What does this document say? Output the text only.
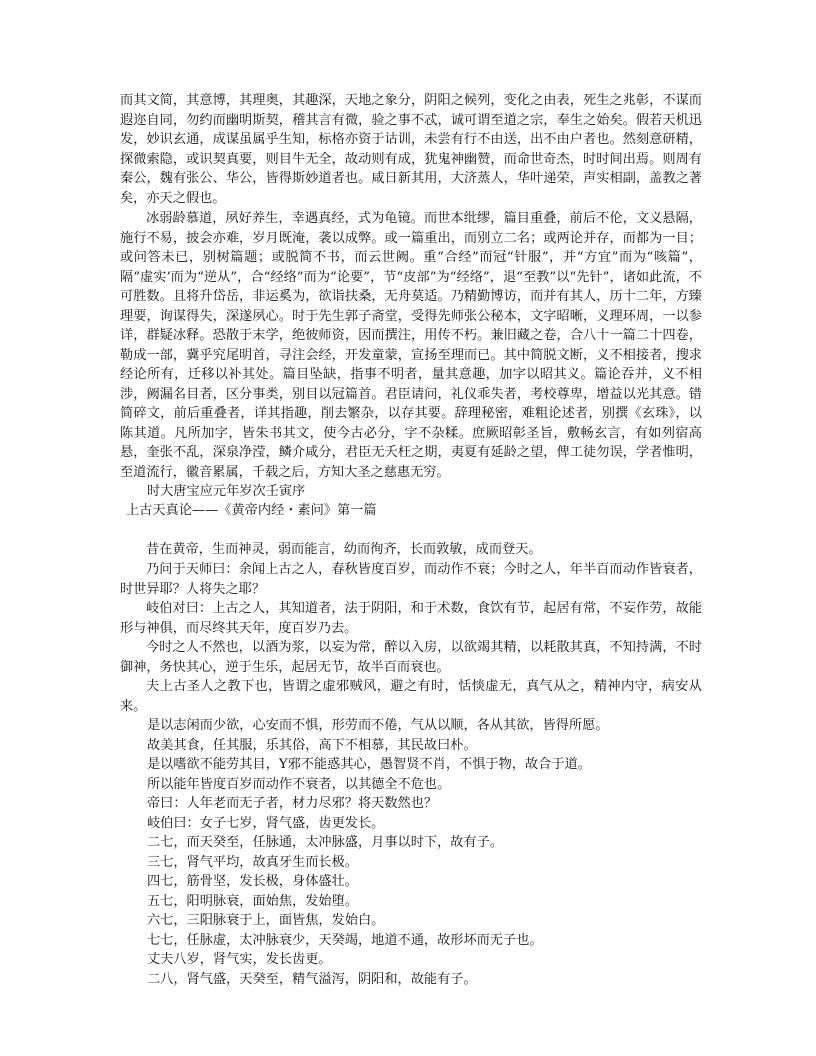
而其文简，其意博，其理奥，其趣深，天地之象分，阴阳之候列，变化之由表，死生之兆彰，不谋而遐迩自同，勿约而幽明斯契，稽其言有微，验之事不忒，诚可谓至道之宗，奉生之始矣。假若天机迅发，妙识玄通，成谋虽属乎生知，标格亦资于诂训，未尝有行不由送，出不由户者也。然刻意研精，探微索隐，或识契真要，则目牛无全，故动则有成，犹鬼神幽赞，而命世奇杰，时时间出焉。则周有秦公，魏有张公、华公，皆得斯妙道者也。咸日新其用，大济蒸人，华叶递荣，声实相副，盖教之著矣，亦天之假也。

冰弱龄慕道，夙好养生，幸遇真经，式为龟镜。而世本纰缪，篇目重叠，前后不伦，文义悬隔，施行不易，披会亦难，岁月既淹，袭以成弊。或一篇重出，而别立二名；或两论并存，而都为一目；或问答未已，别树篇题；或脱简不书，而云世阙。重“合经”而冠“针服”，并“方宜”而为“咳篇”，隔“虚实’而为“逆从”，合“经络”而为“论要”，节“皮部”为“经络”，退“至教”以“先针”，诸如此流，不可胜数。且将升岱岳，非运奚为，欲诣扶桑，无舟莫适。乃精勤博访，而并有其人，历十二年，方臻理要，询谋得失，深遂夙心。时于先生郭子斋堂，受得先师张公秘本，文字昭晰，义理环周，一以参详，群疑冰释。恐散于末学，绝彼师资，因而撰注，用传不朽。兼旧藏之卷，合八十一篇二十四卷，勒成一部，冀乎究尾明首，寻注会经，开发童蒙，宣扬至理而已。其中简脱文断，义不相接者，搜求经论所有，迁移以补其处。篇目坠缺，指事不明者，量其意趣，加字以昭其义。篇论吞并，义不相涉，阙漏名目者，区分事类，别目以冠篇首。君臣请问，礼仪乖失者，考校尊卑，增益以光其意。错简碎文，前后重叠者，详其指趣，削去繁杂，以存其要。辞理秘密，难粗论述者，别撰《玄珠》，以陈其道。凡所加字，皆朱书其文，使今古必分，字不杂糅。庶厥昭彰圣旨，敷畅玄言，有如列宿高悬，奎张不乱，深泉净滢，鳞介咸分，君臣无夭枉之期，夷夏有延龄之望，俾工徒勿误，学者惟明，至道流行，徽音累属，千载之后，方知大圣之慈惠无穷。

时大唐宝应元年岁次壬寅序

上古天真论——《黄帝内经・素问》第一篇

昔在黄帝，生而神灵，弱而能言，幼而徇齐，长而敦敏，成而登天。

乃问于天师曰：余闻上古之人，春秋皆度百岁，而动作不衰；今时之人，年半百而动作皆衰者，时世异耶？人将失之耶？

岐伯对曰：上古之人，其知道者，法于阴阳，和于术数，食饮有节，起居有常，不妄作劳，故能形与神俱，而尽终其天年，度百岁乃去。

今时之人不然也，以酒为浆，以妄为常，醉以入房，以欲竭其精，以耗散其真，不知持满，不时御神，务快其心，逆于生乐，起居无节，故半百而衰也。

夫上古圣人之教下也，皆谓之虚邪贼风，避之有时，恬惔虚无，真气从之，精神内守，病安从来。

是以志闲而少欲，心安而不惧，形劳而不倦，气从以顺，各从其欲，皆得所愿。

故美其食，任其服，乐其俗，高下不相慕，其民故曰朴。

是以嗜欲不能劳其目，Y邪不能惑其心，愚智贤不肖，不惧于物，故合于道。

所以能年皆度百岁而动作不衰者，以其德全不危也。

帝曰：人年老而无子者，材力尽邪？将天数然也？

岐伯曰：女子七岁，肾气盛，齿更发长。

二七，而天癸至，任脉通，太冲脉盛，月事以时下，故有子。

三七，肾气平均，故真牙生而长极。

四七，筋骨坚，发长极，身体盛壮。

五七，阳明脉衰，面始焦，发始堕。

六七，三阳脉衰于上，面皆焦，发始白。

七七，任脉虚，太冲脉衰少，天癸竭，地道不通，故形坏而无子也。

丈夫八岁，肾气实，发长齿更。

二八，肾气盛，天癸至，精气溢泻，阴阳和，故能有子。
